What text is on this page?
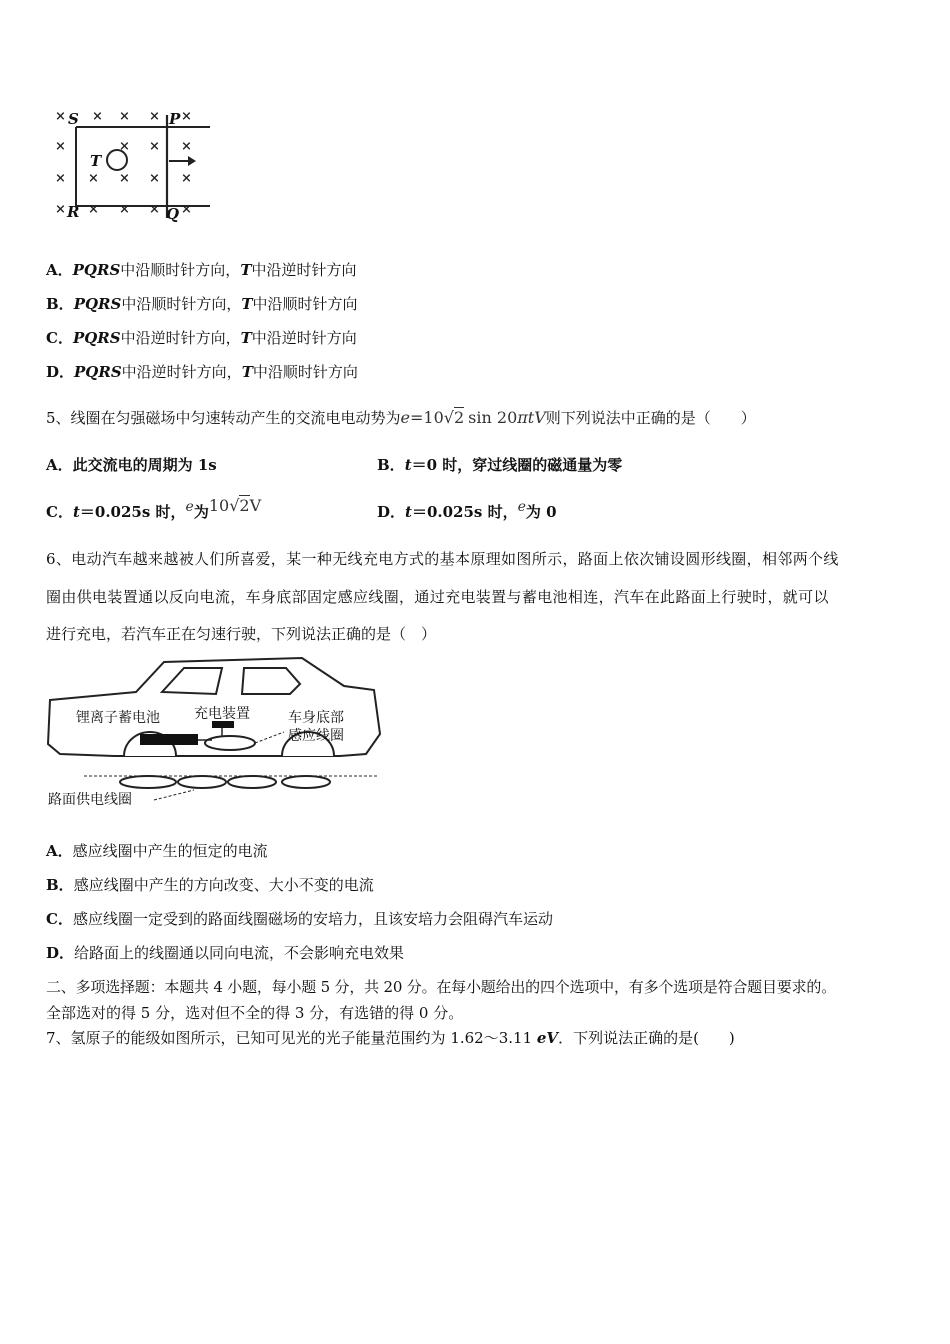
× × × × ×
×	× × ×
× × × × ×
× × × × ×
S	P
R	Q
T
A．PQRS中沿顺时针方向，T中沿逆时针方向
B．PQRS中沿顺时针方向，T中沿顺时针方向
C．PQRS中沿逆时针方向，T中沿逆时针方向
D．PQRS中沿逆时针方向，T中沿顺时针方向
5、线圈在匀强磁场中匀速转动产生的交流电电动势为e=10√2 sin 20πtV则下列说法中正确的是（　　）
A．此交流电的周期为 1s	B．t＝0 时，穿过线圈的磁通量为零
C．t＝0.025s 时，e为10√2V	D．t＝0.025s 时，e为 0
6、电动汽车越来越被人们所喜爱，某一种无线充电方式的基本原理如图所示，路面上依次铺设圆形线圈，相邻两个线
圈由供电装置通以反向电流，车身底部固定感应线圈，通过充电装置与蓄电池相连，汽车在此路面上行驶时，就可以
进行充电，若汽车正在匀速行驶，下列说法正确的是（　）
锂离子蓄电池 充电装置	车身底部
感应线圈
路面供电线圈
A．感应线圈中产生的恒定的电流
B．感应线圈中产生的方向改变、大小不变的电流
C．感应线圈一定受到的路面线圈磁场的安培力，且该安培力会阻碍汽车运动
D．给路面上的线圈通以同向电流，不会影响充电效果
二、多项选择题：本题共 4 小题，每小题 5 分，共 20 分。在每小题给出的四个选项中，有多个选项是符合题目要求的。
全部选对的得 5 分，选对但不全的得 3 分，有选错的得 0 分。
7、氢原子的能级如图所示，已知可见光的光子能量范围约为 1.62～3.11 eV．下列说法正确的是(　　)
